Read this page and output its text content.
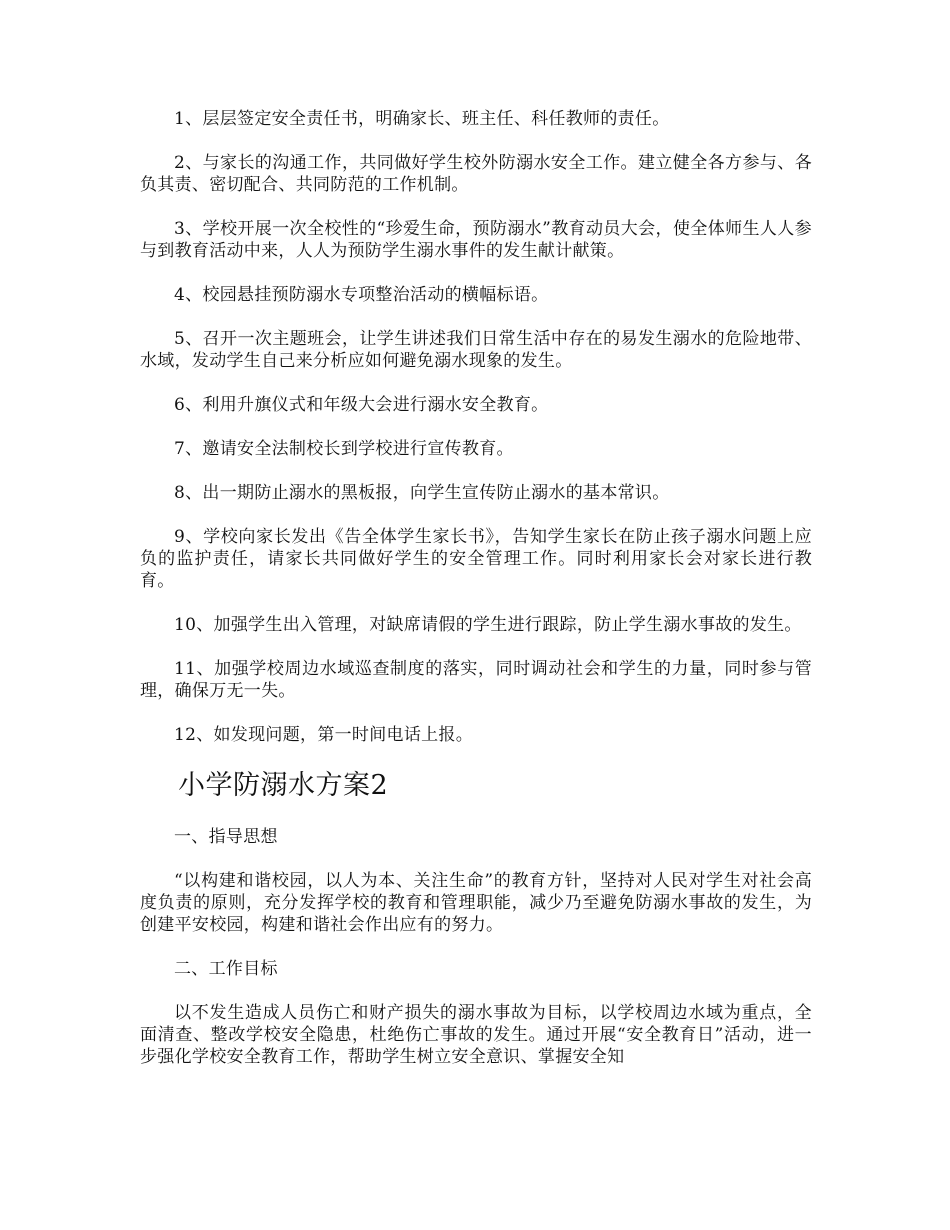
1、层层签定安全责任书，明确家长、班主任、科任教师的责任。

2、与家长的沟通工作，共同做好学生校外防溺水安全工作。建立健全各方参与、各负其责、密切配合、共同防范的工作机制。

3、学校开展一次全校性的“珍爱生命，预防溺水”教育动员大会，使全体师生人人参与到教育活动中来，人人为预防学生溺水事件的发生献计献策。

4、校园悬挂预防溺水专项整治活动的横幅标语。

5、召开一次主题班会，让学生讲述我们日常生活中存在的易发生溺水的危险地带、水域，发动学生自己来分析应如何避免溺水现象的发生。

6、利用升旗仪式和年级大会进行溺水安全教育。

7、邀请安全法制校长到学校进行宣传教育。

8、出一期防止溺水的黑板报，向学生宣传防止溺水的基本常识。

9、学校向家长发出《告全体学生家长书》，告知学生家长在防止孩子溺水问题上应负的监护责任，请家长共同做好学生的安全管理工作。同时利用家长会对家长进行教育。

10、加强学生出入管理，对缺席请假的学生进行跟踪，防止学生溺水事故的发生。

11、加强学校周边水域巡查制度的落实，同时调动社会和学生的力量，同时参与管理，确保万无一失。

12、如发现问题，第一时间电话上报。

小学防溺水方案2

一、指导思想

“以构建和谐校园，以人为本、关注生命”的教育方针，坚持对人民对学生对社会高度负责的原则，充分发挥学校的教育和管理职能，减少乃至避免防溺水事故的发生，为创建平安校园，构建和谐社会作出应有的努力。

二、工作目标

以不发生造成人员伤亡和财产损失的溺水事故为目标，以学校周边水域为重点，全面清查、整改学校安全隐患，杜绝伤亡事故的发生。通过开展“安全教育日”活动，进一步强化学校安全教育工作，帮助学生树立安全意识、掌握安全知
